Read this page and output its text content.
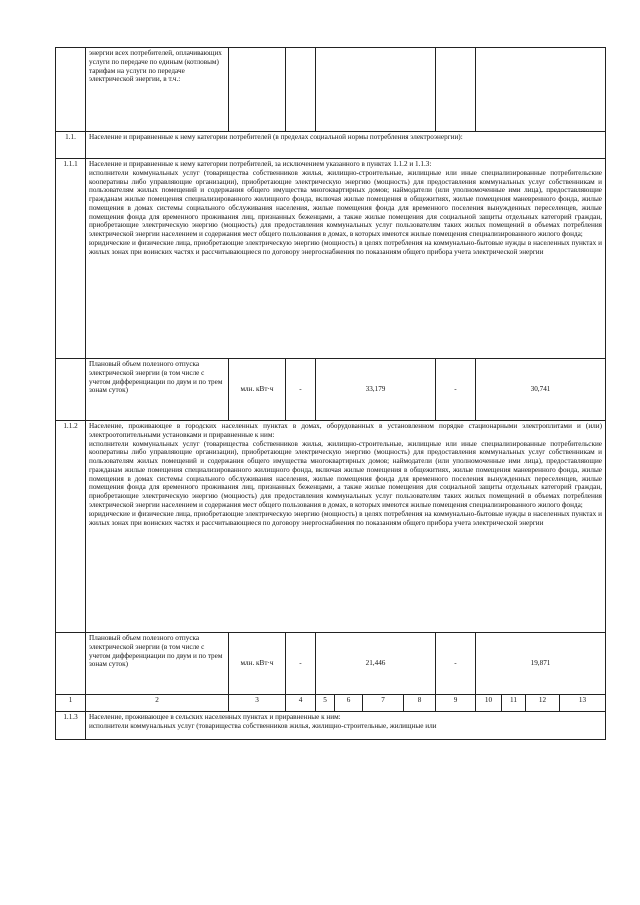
	энергии всех потребителей, оплачивающих услуги по передаче по единым (котловым) тарифам на услуги по передаче электрической энергии, в т.ч.:											
1.1.	Население и приравненные к нему категории потребителей (в пределах социальной нормы потребления электроэнергии):											
1.1.1	Население и приравненные к нему категории потребителей, за исключением указанного в пунктах 1.1.2 и 1.1.3:
исполнители коммунальных услуг (товарищества собственников жилья, жилищно-строительные, жилищные или иные специализированные потребительские кооперативы либо управляющие организации), приобретающие электрическую энергию (мощность) для предоставления коммунальных услуг собственникам и пользователям жилых помещений и содержания общего имущества многоквартирных домов; наймодатели (или уполномоченные ими лица), предоставляющие гражданам жилые помещения специализированного жилищного фонда, включая жилые помещения в общежитиях, жилые помещения маневренного фонда, жилые помещения в домах системы социального обслуживания населения, жилые помещения фонда для временного поселения вынужденных переселенцев, жилые помещения фонда для временного проживания лиц, признанных беженцами, а также жилые помещения для социальной защиты отдельных категорий граждан, приобретающие электрическую энергию (мощность) для предоставления коммунальных услуг пользователям таких жилых помещений в объемах потребления электрической энергии населением и содержания мест общего пользования в домах, в которых имеются жилые помещения специализированного жилого фонда;
юридические и физические лица, приобретающие электрическую энергию (мощность) в целях потребления на коммунально-бытовые нужды в населенных пунктах и жилых зонах при воинских частях и рассчитывающиеся по договору энергоснабжения по показаниям общего прибора учета электрической энергии											

	Плановый объем полезного отпуска электрической энергии (в том числе с учетом дифференциации по двум и по трем зонам суток)	млн. кВт·ч	-	33,179				-	30,741			
1.1.2	Население, проживающее в городских населенных пунктах в домах, оборудованных в установленном порядке стационарными электроплитами и (или) электроотопительными установками и приравненные к ним:
исполнители коммунальных услуг (товарищества собственников жилья, жилищно-строительные, жилищные или иные специализированные потребительские кооперативы либо управляющие организации), приобретающие электрическую энергию (мощность) для предоставления коммунальных услуг собственникам и пользователям жилых помещений и содержания общего имущества многоквартирных домов; наймодатели (или уполномоченные ими лица), предоставляющие гражданам жилые помещения специализированного жилищного фонда, включая жилые помещения в общежитиях, жилые помещения маневренного фонда, жилые помещения в домах системы социального обслуживания населения, жилые помещения фонда для временного поселения вынужденных переселенцев, жилые помещения фонда для временного проживания лиц, признанных беженцами, а также жилые помещения для социальной защиты отдельных категорий граждан, приобретающие электрическую энергию (мощность) для предоставления коммунальных услуг пользователям таких жилых помещений в объемах потребления электрической энергии населением и содержания мест общего пользования в домах, в которых имеются жилые помещения специализированного жилого фонда;
юридические и физические лица, приобретающие электрическую энергию (мощность) в целях потребления на коммунально-бытовые нужды в населенных пунктах и жилых зонах при воинских частях и рассчитывающиеся по договору энергоснабжения по показаниям общего прибора учета электрической энергии											

	Плановый объем полезного отпуска электрической энергии (в том числе с учетом дифференциации по двум и по трем зонам суток)	млн. кВт·ч	-	21,446				-	19,871			
1	2	3	4	5	6	7	8	9	10	11	12	13
1.1.3	Население, проживающее в сельских населенных пунктах и приравненные к ним:
исполнители коммунальных услуг (товарищества собственников жилья, жилищно-строительные, жилищные или											
